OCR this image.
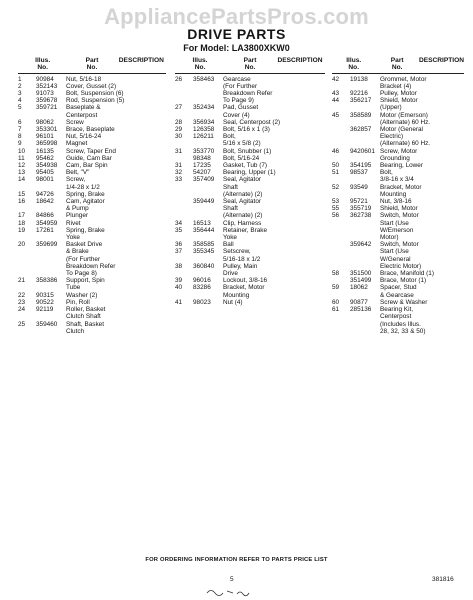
AppliancePartsPros.com
DRIVE PARTS
For Model: LA3800XKW0
Illus.
No.
Part
No.
DESCRIPTION
1	90984	Nut, 5/16-18
2	352143	Cover, Gusset (2)
3	91073	Bolt, Suspension (6)
4	359678	Rod, Suspension (5)
5	359721	Baseplate &
Centerpost
6	98062	Screw
7	353301	Brace, Baseplate
8	96101	Nut, 5/16-24
9	365998	Magnet
10	16135	Screw, Taper End
11	95462	Guide, Cam Bar
12	354938	Cam, Bar Spin
13	95405	Belt, "V"
14	98001	Screw,
1/4-28 x 1/2
15	94726	Spring, Brake
16	18642	Cam, Agitator
& Pump
17	84866	Plunger
18	354959	Rivet
19	17261	Spring, Brake
Yoke
20	359699	Basket Drive
& Brake
(For Further
Breakdown Refer
To Page 8)
21	358386	Support, Spin
Tube
22	90315	Washer (2)
23	90522	Pin, Roll
24	92119	Roller, Basket
Clutch Shaft
25	359460	Shaft, Basket
Clutch
Illus.
No.
Part
No.
DESCRIPTION
26	358463	Gearcase
(For Further
Breakdown Refer
To Page 9)
27	352434	Pad, Gusset
Cover (4)
28	356934	Seal, Centerpost (2)
29	126358	Bolt, 5/16 x 1 (3)
30	126211	Bolt,
5/16 x 5/8 (2)
31	353770	Bolt, Snubber (1)
98348	Bolt, 5/16-24
31	17235	Gasket, Tub (7)
32	54207	Bearing, Upper (1)
33	357409	Seal, Agitator
Shaft
(Alternate) (2)
359449	Seal, Agitator
Shaft
(Alternate) (2)
34	16513	Clip, Harness
35	356444	Retainer, Brake
Yoke
36	358585	Ball
37	355345	Setscrew,
5/16-18 x 1/2
38	360840	Pulley, Main
Drive
39	96016	Lockout, 3/8-16
40	83286	Bracket, Motor
Mounting
41	98023	Nut (4)
Illus.
No.
Part
No.
DESCRIPTION
42	19138	Grommet, Motor
Bracket (4)
43	92216	Pulley, Motor
44	356217	Shield, Motor
(Upper)
45	358589	Motor (Emerson)
(Alternate) 60 Hz.
362857	Motor (General
Electric)
(Alternate) 60 Hz.
46	9420601 Screw, Motor
Grounding
50	354195	Bearing, Lower
51	98537	Bolt,
3/8-16 x 3/4
52	93549	Bracket, Motor
Mounting
53	95721	Nut, 3/8-16
55	355719	Shield, Motor
56	362738	Switch, Motor
Start (Use
W/Emerson
Motor)
359642	Switch, Motor
Start (Use
W/General
Electric Motor)
58	351500	Brace, Manifold (1)
351499	Brace, Motor (1)
59	18062	Spacer, Stud
& Gearcase
60	90877	Screw & Washer
61	285136	Bearing Kit,
Centerpost
(Includes Illus.
28, 32, 33 & 50)
FOR ORDERING INFORMATION REFER TO PARTS PRICE LIST
5	381816
